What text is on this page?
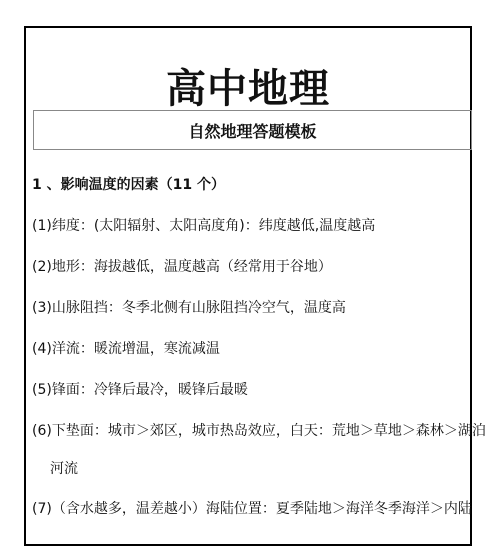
高中地理
自然地理答题模板
1 、影响温度的因素（11 个）
(1)纬度：(太阳辐射、太阳高度角)：纬度越低,温度越高
(2)地形：海拔越低，温度越高（经常用于谷地）
(3)山脉阻挡：冬季北侧有山脉阻挡冷空气，温度高
(4)洋流：暖流增温，寒流减温
(5)锋面：冷锋后最冷，暖锋后最暖
(6)下垫面：城市＞郊区，城市热岛效应，白天：荒地＞草地＞森林＞湖泊
河流
(7)（含水越多，温差越小）海陆位置：夏季陆地＞海洋冬季海洋＞内陆
